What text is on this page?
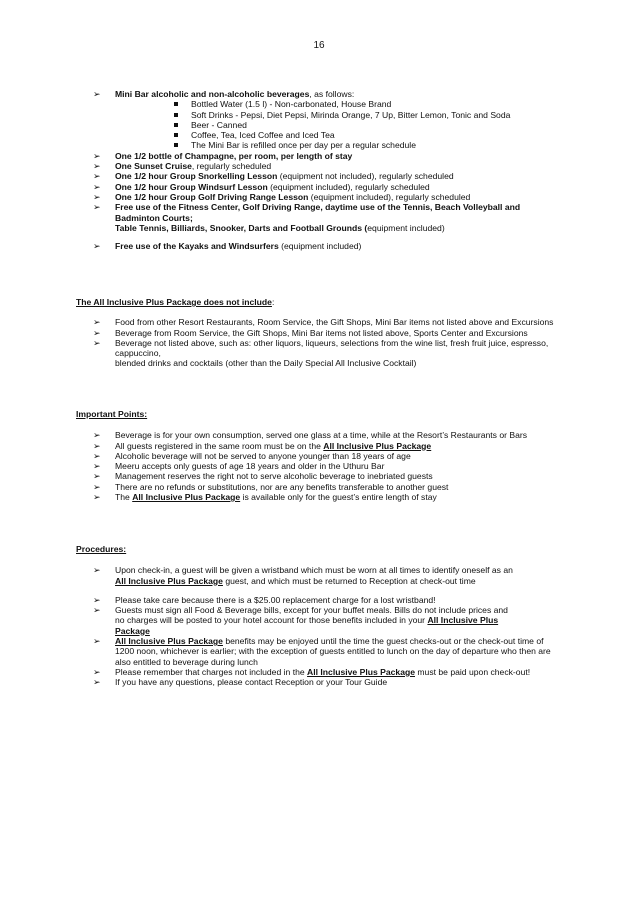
16
➢ Mini Bar alcoholic and non-alcoholic beverages, as follows:
Bottled Water (1.5 l) - Non-carbonated, House Brand
Soft Drinks - Pepsi, Diet Pepsi, Mirinda Orange, 7 Up, Bitter Lemon, Tonic and Soda
Beer - Canned
Coffee, Tea, Iced Coffee and Iced Tea
The Mini Bar is refilled once per day per a regular schedule
➢ One 1/2 bottle of Champagne, per room, per length of stay
➢ One Sunset Cruise, regularly scheduled
➢ One 1/2 hour Group Snorkelling Lesson (equipment not included), regularly scheduled
➢ One 1/2 hour Group Windsurf Lesson (equipment included), regularly scheduled
➢ One 1/2 hour Group Golf Driving Range Lesson (equipment included), regularly scheduled
➢ Free use of the Fitness Center, Golf Driving Range, daytime use of the Tennis, Beach Volleyball and Badminton Courts;
Table Tennis, Billiards, Snooker, Darts and Football Grounds (equipment included)
➢ Free use of the Kayaks and Windsurfers (equipment included)
The All Inclusive Plus Package does not include:
➢ Food from other Resort Restaurants, Room Service, the Gift Shops, Mini Bar items not listed above and Excursions
➢ Beverage from Room Service, the Gift Shops, Mini Bar items not listed above, Sports Center and Excursions
➢ Beverage not listed above, such as: other liquors, liqueurs, selections from the wine list, fresh fruit juice, espresso, cappuccino,
blended drinks and cocktails (other than the Daily Special All Inclusive Cocktail)
Important Points:
➢ Beverage is for your own consumption, served one glass at a time, while at the Resort’s Restaurants or Bars
➢ All guests registered in the same room must be on the All Inclusive Plus Package
➢ Alcoholic beverage will not be served to anyone younger than 18 years of age
➢ Meeru accepts only guests of age 18 years and older in the Uthuru Bar
➢ Management reserves the right not to serve alcoholic beverage to inebriated guests
➢ There are no refunds or substitutions, nor are any benefits transferable to another guest
➢ The All Inclusive Plus Package is available only for the guest’s entire length of stay
Procedures:
➢ Upon check-in, a guest will be given a wristband which must be worn at all times to identify oneself as an
All Inclusive Plus Package guest, and which must be returned to Reception at check-out time
➢ Please take care because there is a $25.00 replacement charge for a lost wristband!
➢ Guests must sign all Food & Beverage bills, except for your buffet meals. Bills do not include prices and
no charges will be posted to your hotel account for those benefits included in your All Inclusive Plus
Package
➢ All Inclusive Plus Package benefits may be enjoyed until the time the guest checks-out or the check-out time of 1200 noon, whichever is earlier; with the exception of guests entitled to lunch on the day of departure who then are also entitled to beverage during lunch
➢ Please remember that charges not included in the All Inclusive Plus Package must be paid upon check-out!
➢ If you have any questions, please contact Reception or your Tour Guide
